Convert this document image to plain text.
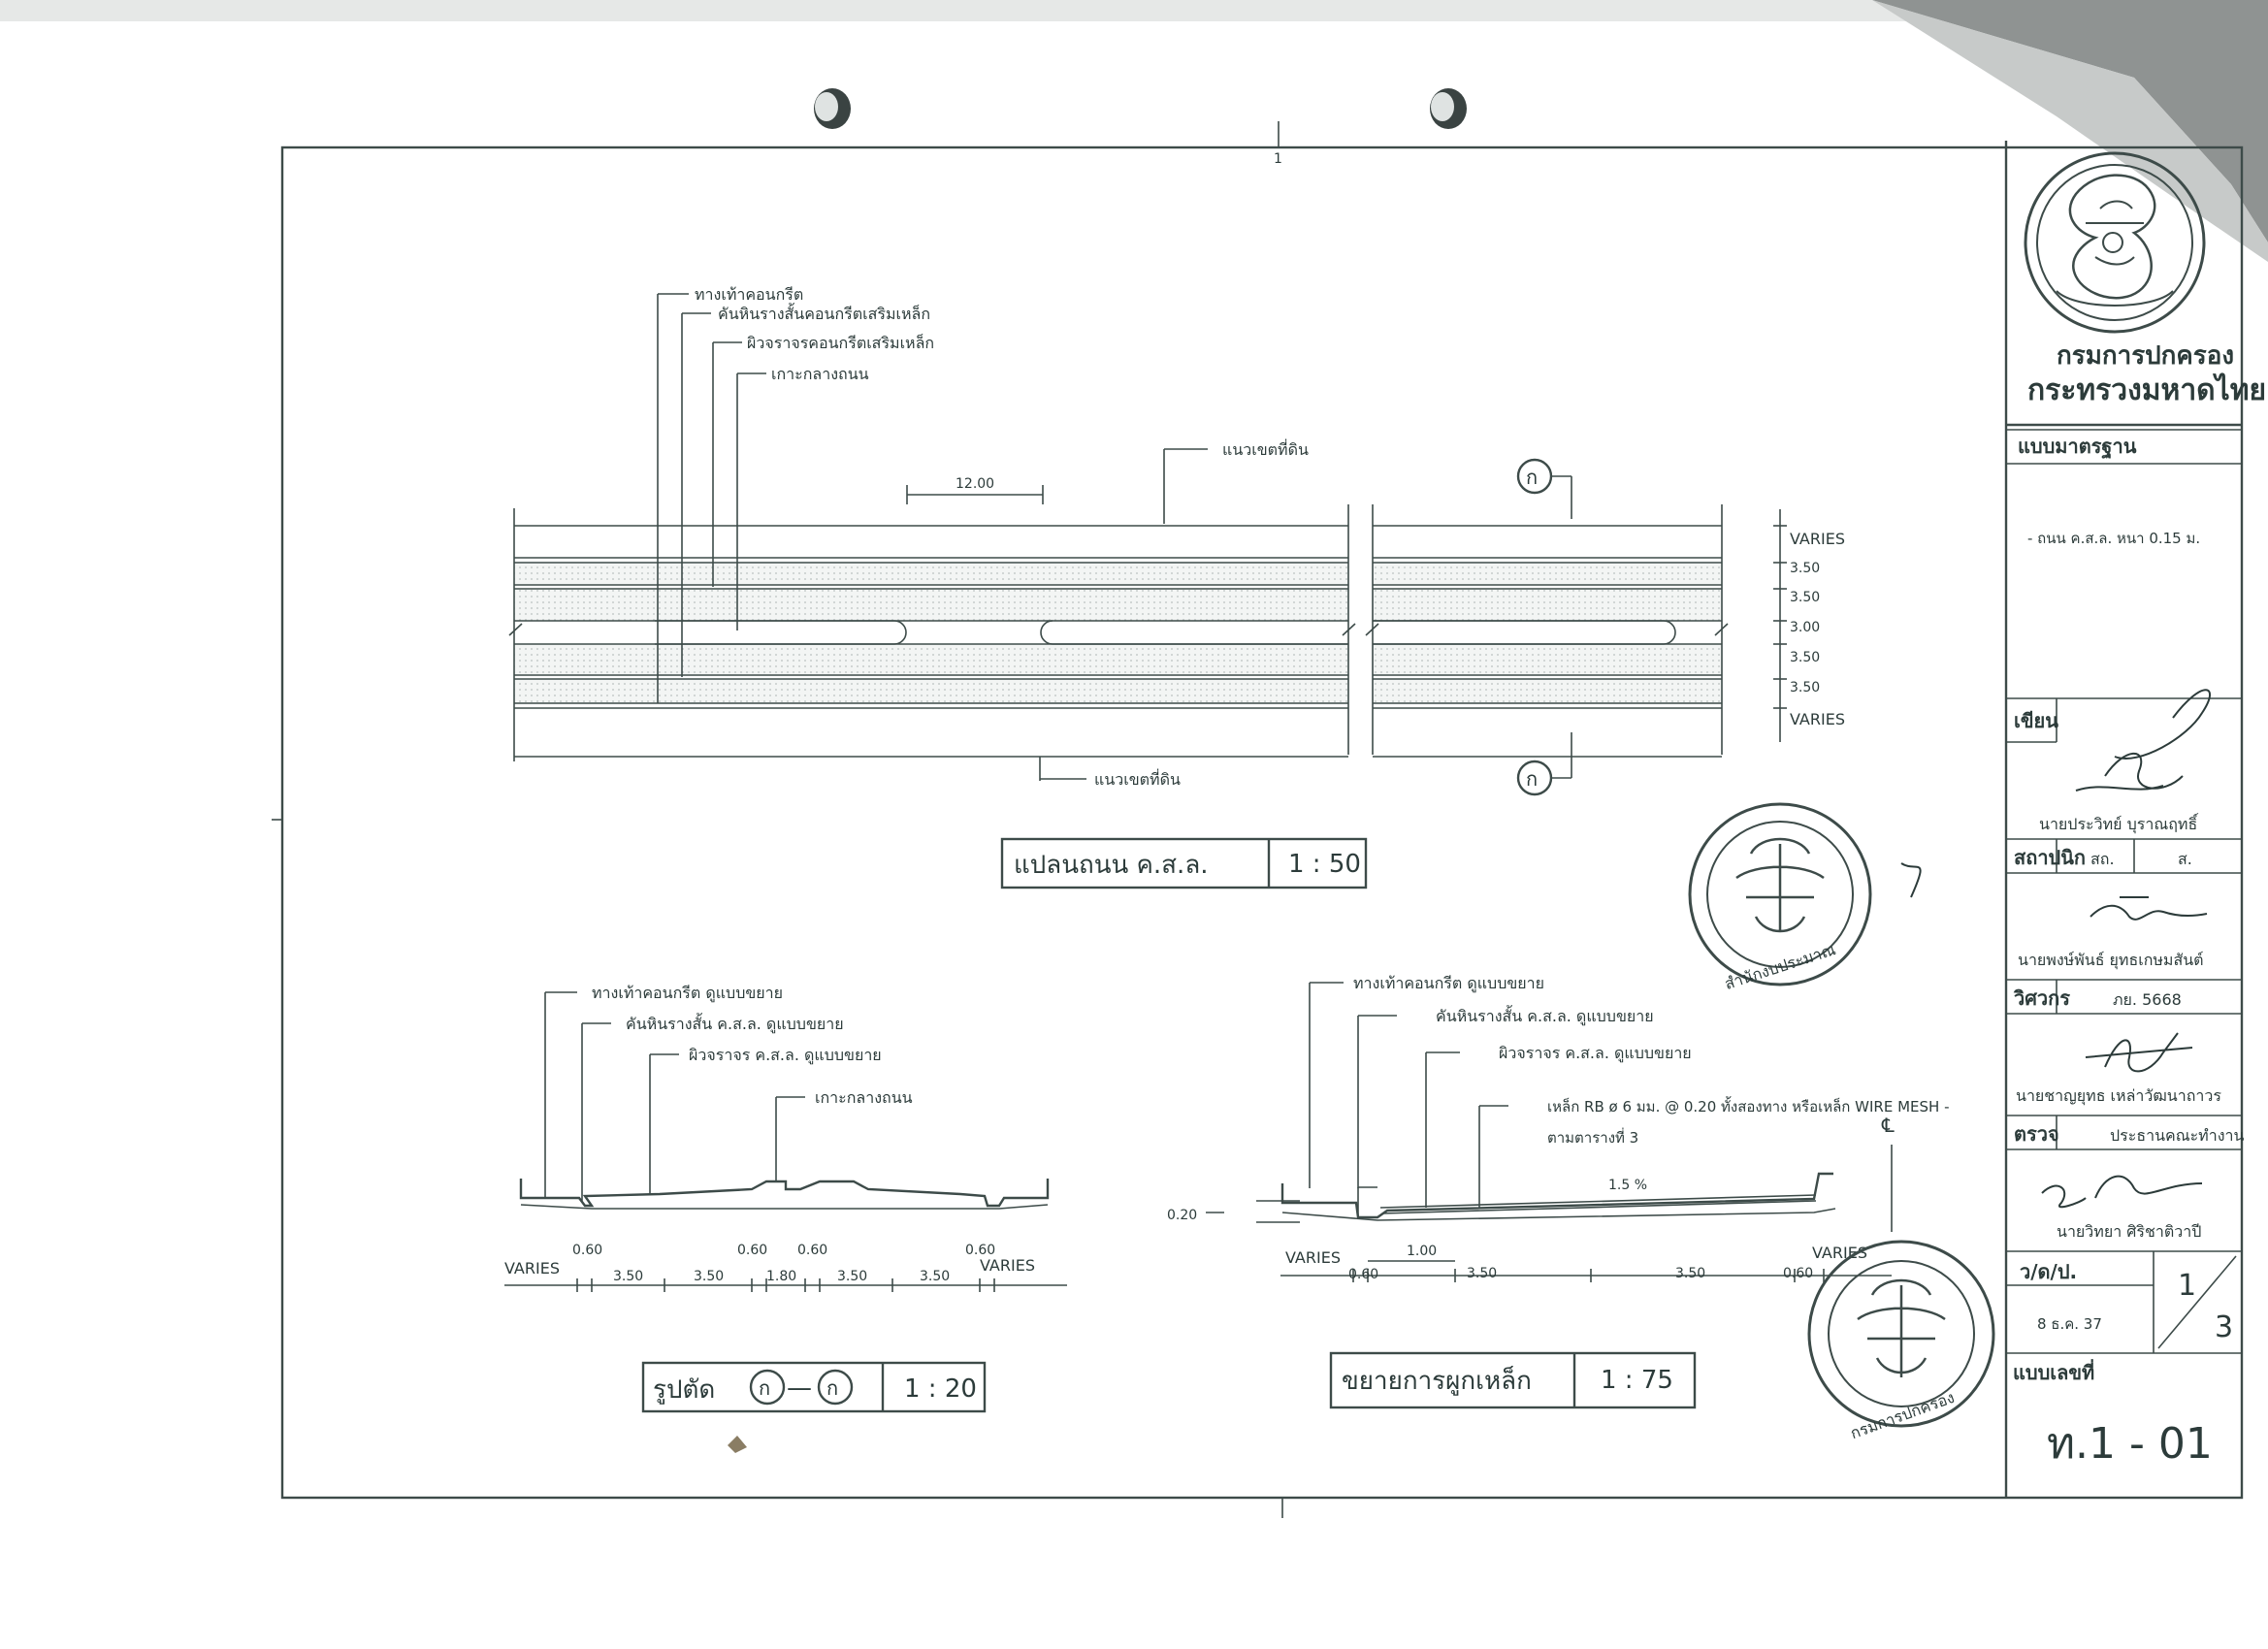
1
ทางเท้าคอนกรีต
คันหินรางสั้นคอนกรีตเสริมเหล็ก
ผิวจราจรคอนกรีตเสริมเหล็ก
เกาะกลางถนน
แนวเขตที่ดิน
แนวเขตที่ดิน
12.00	ก
ก
VARIES
3.50
3.50
3.00
3.50
3.50
VARIES
แปลนถนน ค.ส.ล.	1 : 50
ทางเท้าคอนกรีต ดูแบบขยาย
คันหินรางสั้น ค.ส.ล. ดูแบบขยาย
ผิวจราจร ค.ส.ล. ดูแบบขยาย
เกาะกลางถนน
0.60	0.60 0.60	0.60
VARIES	3.50	3.50	1.80	3.50	3.50
VARIES
รูปตัด ก — ก	1 : 20
ทางเท้าคอนกรีต ดูแบบขยาย
คันหินรางสั้น ค.ส.ล. ดูแบบขยาย
ผิวจราจร ค.ส.ล. ดูแบบขยาย
เหล็ก RB ø 6 มม. @ 0.20 ทั้งสองทาง หรือเหล็ก WIRE MESH -
ตามตารางที่ 3
℄
1.5 %
0.20
VARIES	1.00
0.60	3.50	3.50	0.60
VARIES
ขยายการผูกเหล็ก	1 : 75
กรมการปกครอง
กระทรวงมหาดไทย
แบบมาตรฐาน
- ถนน ค.ส.ล. หนา 0.15 ม.
เขียน
นายประวิทย์ บุราณฤทธิ์
สถาปนิก สถ.	ส.
นายพงษ์พันธ์ ยุทธเกษมสันต์
วิศวกร	ภย. 5668
นายชาญยุทธ เหล่าวัฒนาถาวร
ตรวจ	ประธานคณะทำงาน
นายวิทยา ศิริชาติวาปี
ว/ด/ป.
8 ธ.ค. 37
1
3
แบบเลขที่
ท.1 - 01
สำนักงบประมาณ
กรมการปกครอง
